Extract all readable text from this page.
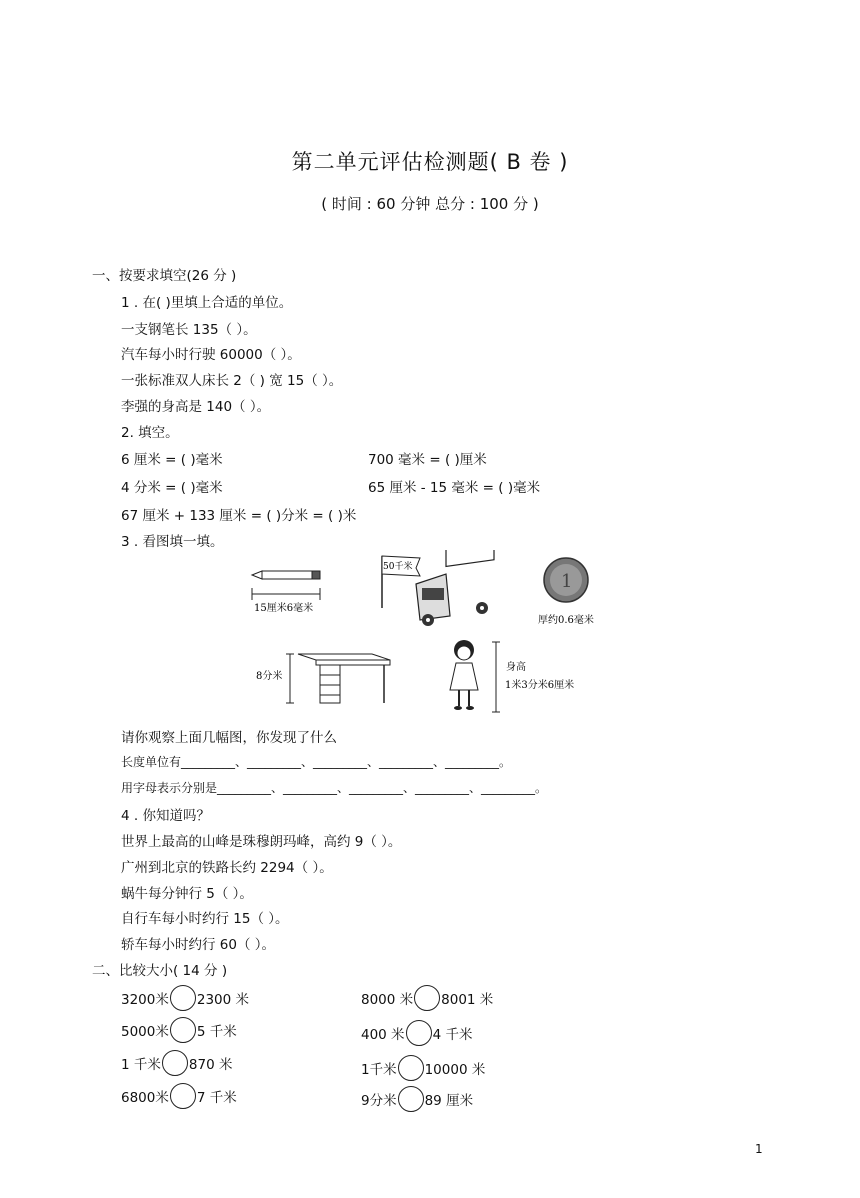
第二单元评估检测题( B 卷 )
( 时间 : 60 分钟 总分 : 100 分 )
一、按要求填空(26 分 )
1 . 在( )里填上合适的单位。
一支钢笔长 135（ ）。
汽车每小时行驶 60000（ ）。
一张标准双人床长 2（ ) 宽 15（ ）。
李强的身高是 140（ ）。
2. 填空。
6 厘米 = ( )毫米	700 毫米 = ( )厘米
4 分米 = ( )毫米	65 厘米 - 15 毫米 = ( )毫米
67 厘米 + 133 厘米 = ( )分米 = ( )米
3 . 看图填一填。
15厘米6毫米
50千米
1
厚约0.6毫米
8分米
身高
1米3分米6厘米
请你观察上面几幅图，你发现了什么
长度单位有_________、_________、_________、_________、_________。
用字母表示分别是_________、_________、_________、_________、_________。
4 . 你知道吗？
世界上最高的山峰是珠穆朗玛峰，高约 9（ ）。
广州到北京的铁路长约 2294（ ）。
蜗牛每分钟行 5（ ）。
自行车每小时约行 15（ ）。
轿车每小时约行 60（ ）。
二、比较大小( 14 分 )
3200米 2300 米
5000米 5 千米
1 千米 870 米
6800米 7 千米
8000 米 8001 米
400 米 4 千米
1千米 10000 米
9分米 89 厘米
1
